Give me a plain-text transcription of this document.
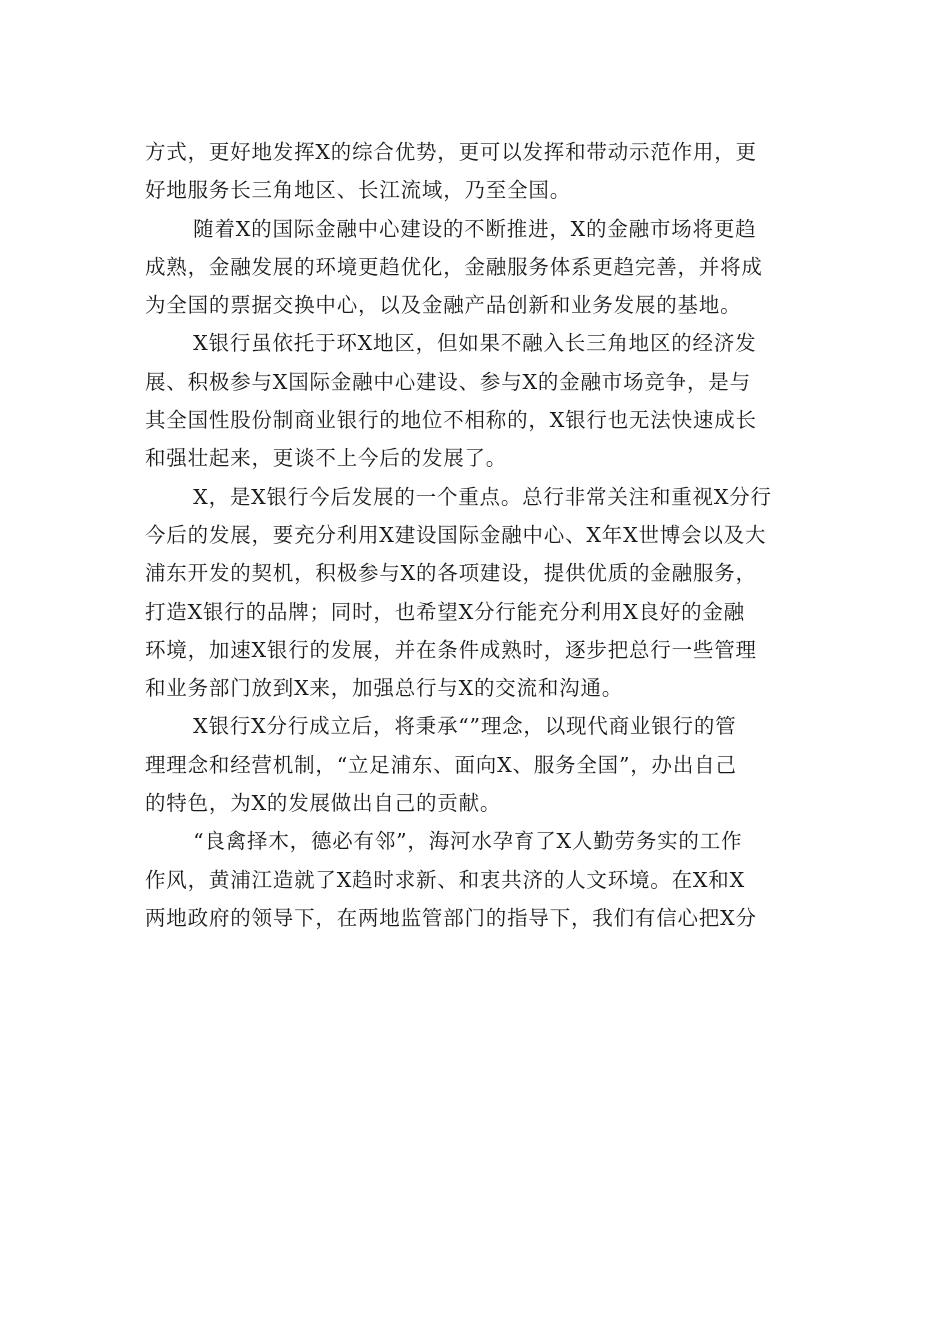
方式，更好地发挥X的综合优势，更可以发挥和带动示范作用，更
好地服务长三角地区、长江流域，乃至全国。

随着X的国际金融中心建设的不断推进，X的金融市场将更趋
成熟，金融发展的环境更趋优化，金融服务体系更趋完善，并将成
为全国的票据交换中心，以及金融产品创新和业务发展的基地。

X银行虽依托于环X地区，但如果不融入长三角地区的经济发
展、积极参与X国际金融中心建设、参与X的金融市场竞争，是与
其全国性股份制商业银行的地位不相称的，X银行也无法快速成长
和强壮起来，更谈不上今后的发展了。

X，是X银行今后发展的一个重点。总行非常关注和重视X分行
今后的发展，要充分利用X建设国际金融中心、X年X世博会以及大
浦东开发的契机，积极参与X的各项建设，提供优质的金融服务，
打造X银行的品牌；同时，也希望X分行能充分利用X良好的金融
环境，加速X银行的发展，并在条件成熟时，逐步把总行一些管理
和业务部门放到X来，加强总行与X的交流和沟通。

X银行X分行成立后，将秉承“”理念，以现代商业银行的管
理理念和经营机制，“立足浦东、面向X、服务全国”，办出自己
的特色，为X的发展做出自己的贡献。

“良禽择木，德必有邻”，海河水孕育了X人勤劳务实的工作
作风，黄浦江造就了X趋时求新、和衷共济的人文环境。在X和X
两地政府的领导下，在两地监管部门的指导下，我们有信心把X分
